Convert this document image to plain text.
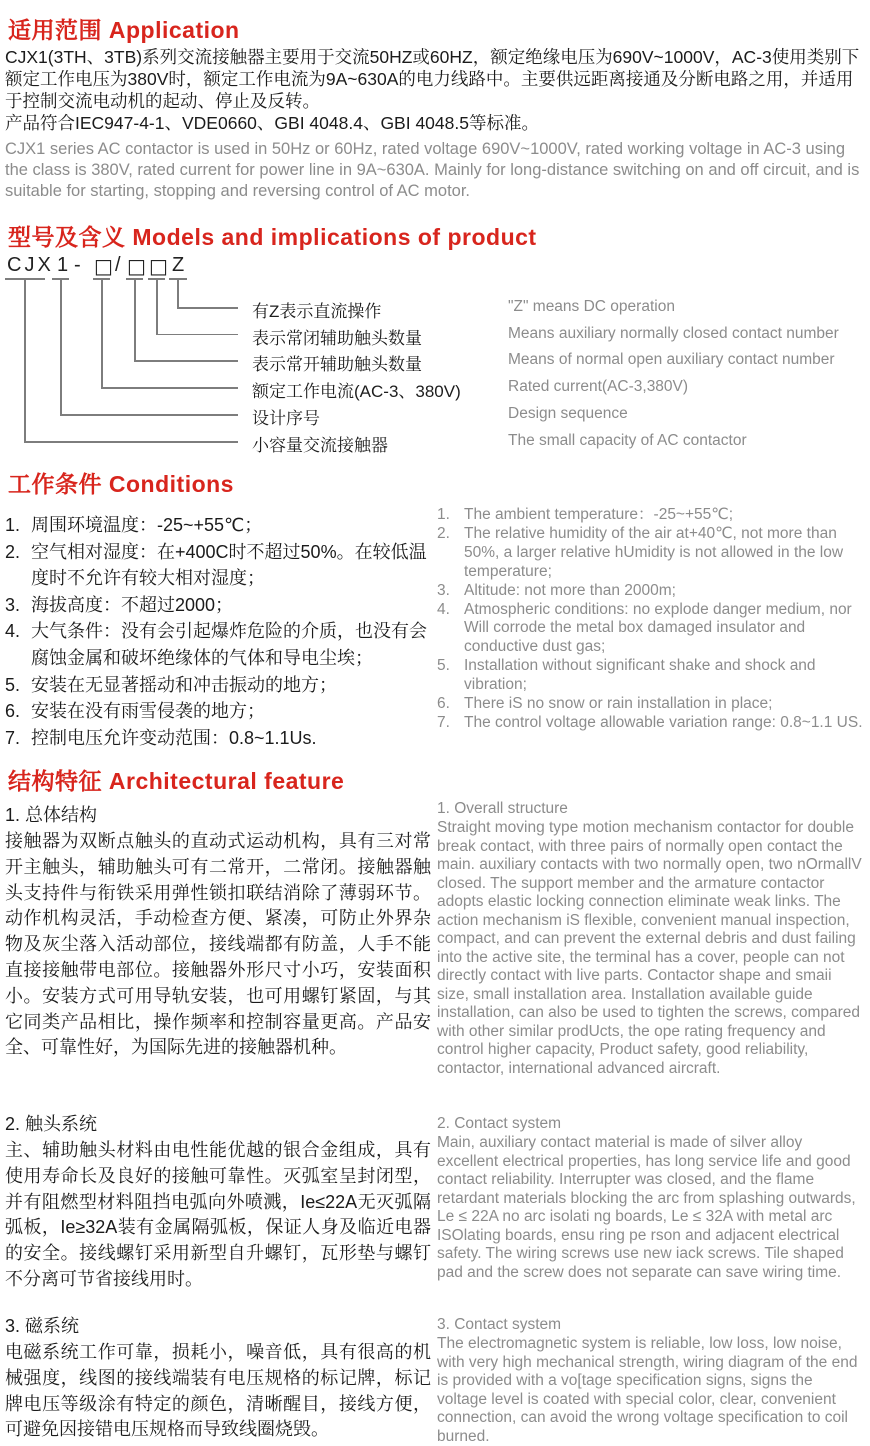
适用范围 Application

CJX1(3TH、3TB)系列交流接触器主要用于交流50HZ或60HZ，额定绝缘电压为690V~1000V，AC-3使用类别下额定工作电压为380V时，额定工作电流为9A~630A的电力线路中。主要供远距离接通及分断电路之用，并适用于控制交流电动机的起动、停止及反转。

产品符合IEC947-4-1、VDE0660、GBI 4048.4、GBI 4048.5等标准。

CJX1 series AC contactor is used in 50Hz or 60Hz, rated voltage 690V~1000V, rated working voltage in AC-3 using the class is 380V, rated current for power line in 9A~630A. Mainly for long-distance switching on and off circuit, and is suitable for starting, stopping and reversing control of AC motor.

型号及含义 Models and implications of product
CJX 1 - □ / □ □ Z
有Z表示直流操作
表示常闭辅助触头数量
表示常开辅助触头数量
额定工作电流(AC-3、380V)
设计序号
小容量交流接触器
"Z" means DC operation
Means auxiliary normally closed contact number
Means of normal open auxiliary contact number
Rated current(AC-3,380V)
Design sequence
The small capacity of AC contactor
工作条件 Conditions
1. 周围环境温度：-25~+55℃；
2. 空气相对湿度：在+400C时不超过50%。在较低温度时不允许有较大相对湿度；
3. 海拔高度：不超过2000；
4. 大气条件：没有会引起爆炸危险的介质，也没有会腐蚀金属和破坏绝缘体的气体和导电尘埃；
5. 安装在无显著摇动和冲击振动的地方；
6. 安装在没有雨雪侵袭的地方；
7. 控制电压允许变动范围：0.8~1.1Us.
1. The ambient temperature：-25~+55℃;
2. The relative humidity of the air at+40℃, not more than 50%, a larger relative hUmidity is not allowed in the low temperature;
3. Altitude: not more than 2000m;
4. Atmospheric conditions: no explode danger medium, nor Will corrode the metal box damaged insulator and conductive dust gas;
5. Installation without significant shake and shock and vibration;
6. There iS no snow or rain installation in place;
7. The control voltage allowable variation range: 0.8~1.1 US.
结构特征 Architectural feature
1. 总体结构
接触器为双断点触头的直动式运动机构，具有三对常开主触头，辅助触头可有二常开，二常闭。接触器触头支持件与衔铁采用弹性锁扣联结消除了薄弱环节。动作机构灵活，手动检查方便、紧凑，可防止外界杂物及灰尘落入活动部位，接线端都有防盖，人手不能直接接触带电部位。接触器外形尺寸小巧，安装面积小。安装方式可用导轨安装，也可用螺钉紧固，与其它同类产品相比，操作频率和控制容量更高。产品安全、可靠性好，为国际先进的接触器机种。
2. 触头系统
主、辅助触头材料由电性能优越的银合金组成，具有使用寿命长及良好的接触可靠性。灭弧室呈封闭型，并有阻燃型材料阻挡电弧向外喷溅，Ie≤22A无灭弧隔弧板，Ie≥32A装有金属隔弧板，保证人身及临近电器的安全。接线螺钉采用新型自升螺钉，瓦形垫与螺钉不分离可节省接线用时。
3. 磁系统
电磁系统工作可靠，损耗小，噪音低，具有很高的机械强度，线图的接线端装有电压规格的标记牌，标记牌电压等级涂有特定的颜色，清晰醒目，接线方便，可避免因接错电压规格而导致线圈烧毁。
1. Overall structure
Straight moving type motion mechanism contactor for double break contact, with three pairs of normally open contact the main. auxiliary contacts with two normally open, two nOrmallV closed. The support member and the armature contactor adopts elastic locking connection eliminate weak links. The action mechanism iS flexible, convenient manual inspection, compact, and can prevent the external debris and dust failing into the active site, the terminal has a cover, people can not directly contact with live parts. Contactor shape and smaii size, small installation area. Installation available guide installation, can also be used to tighten the screws, compared with other similar prodUcts, the ope rating frequency and control higher capacity, Product safety, good reliability, contactor, international advanced aircraft.
2. Contact system
Main, auxiliary contact material is made of silver alloy excellent electrical properties, has long service life and good contact reliability. Interrupter was closed, and the flame retardant materials blocking the arc from splashing outwards, Le ≤ 22A no arc isolati ng boards, Le ≤ 32A with metal arc ISOlating boards, ensu ring pe rson and adjacent electrical safety. The wiring screws use new iack screws. Tile shaped pad and the screw does not separate can save wiring time.
3. Contact system
The electromagnetic system is reliable, low loss, low noise, with very high mechanical strength, wiring diagram of the end is provided with a vo[tage specification signs, signs the voltage level is coated with special color, clear, convenient connection, can avoid the wrong voltage specification to coil burned.
